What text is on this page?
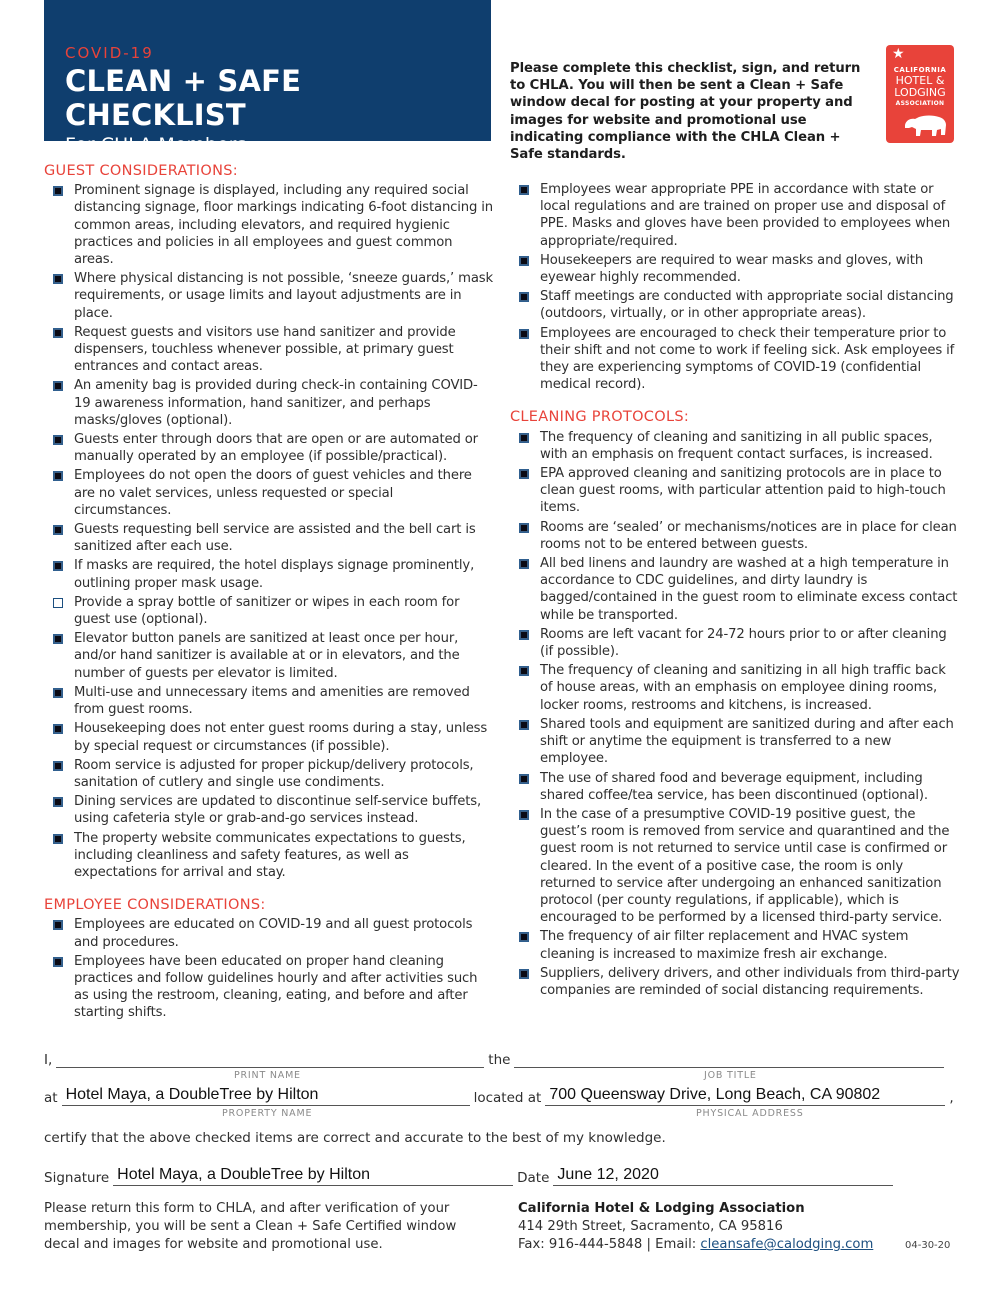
COVID-19
CLEAN + SAFE CHECKLIST
For CHLA Members
Please complete this checklist, sign, and return to CHLA. You will then be sent a Clean + Safe window decal for posting at your property and images for website and promotional use indicating compliance with the CHLA Clean + Safe standards.
★
CALIFORNIA
HOTEL &
LODGING
ASSOCIATION
GUEST CONSIDERATIONS:
Prominent signage is displayed, including any required social distancing signage, floor markings indicating 6-foot distancing in common areas, including elevators, and required hygienic practices and policies in all employees and guest common areas.
Where physical distancing is not possible, ‘sneeze guards,’ mask requirements, or usage limits and layout adjustments are in place.
Request guests and visitors use hand sanitizer and provide dispensers, touchless whenever possible, at primary guest entrances and contact areas.
An amenity bag is provided during check-in containing COVID-19 awareness information, hand sanitizer, and perhaps masks/gloves (optional).
Guests enter through doors that are open or are automated or manually operated by an employee (if possible/practical).
Employees do not open the doors of guest vehicles and there are no valet services, unless requested or special circumstances.
Guests requesting bell service are assisted and the bell cart is sanitized after each use.
If masks are required, the hotel displays signage prominently, outlining proper mask usage.
Provide a spray bottle of sanitizer or wipes in each room for guest use (optional).
Elevator button panels are sanitized at least once per hour, and/or hand sanitizer is available at or in elevators, and the number of guests per elevator is limited.
Multi-use and unnecessary items and amenities are removed from guest rooms.
Housekeeping does not enter guest rooms during a stay, unless by special request or circumstances (if possible).
Room service is adjusted for proper pickup/delivery protocols, sanitation of cutlery and single use condiments.
Dining services are updated to discontinue self-service buffets, using cafeteria style or grab-and-go services instead.
The property website communicates expectations to guests, including cleanliness and safety features, as well as expectations for arrival and stay.
EMPLOYEE CONSIDERATIONS:
Employees are educated on COVID-19 and all guest protocols and procedures.
Employees have been educated on proper hand cleaning practices and follow guidelines hourly and after activities such as using the restroom, cleaning, eating, and before and after starting shifts.
Employees wear appropriate PPE in accordance with state or local regulations and are trained on proper use and disposal of PPE. Masks and gloves have been provided to employees when appropriate/required.
Housekeepers are required to wear masks and gloves, with eyewear highly recommended.
Staff meetings are conducted with appropriate social distancing (outdoors, virtually, or in other appropriate areas).
Employees are encouraged to check their temperature prior to their shift and not come to work if feeling sick. Ask employees if they are experiencing symptoms of COVID-19 (confidential medical record).
CLEANING PROTOCOLS:
The frequency of cleaning and sanitizing in all public spaces, with an emphasis on frequent contact surfaces, is increased.
EPA approved cleaning and sanitizing protocols are in place to clean guest rooms, with particular attention paid to high-touch items.
Rooms are ‘sealed’ or mechanisms/notices are in place for clean rooms not to be entered between guests.
All bed linens and laundry are washed at a high temperature in accordance to CDC guidelines, and dirty laundry is bagged/contained in the guest room to eliminate excess contact while be transported.
Rooms are left vacant for 24-72 hours prior to or after cleaning (if possible).
The frequency of cleaning and sanitizing in all high traffic back of house areas, with an emphasis on employee dining rooms, locker rooms, restrooms and kitchens, is increased.
Shared tools and equipment are sanitized during and after each shift or anytime the equipment is transferred to a new employee.
The use of shared food and beverage equipment, including shared coffee/tea service, has been discontinued (optional).
In the case of a presumptive COVID-19 positive guest, the guest’s room is removed from service and quarantined and the guest room is not returned to service until case is confirmed or cleared. In the event of a positive case, the room is only returned to service after undergoing an enhanced sanitization protocol (per county regulations, if applicable), which is encouraged to be performed by a licensed third-party service.
The frequency of air filter replacement and HVAC system cleaning is increased to maximize fresh air exchange.
Suppliers, delivery drivers, and other individuals from third-party companies are reminded of social distancing requirements.
I,	the
PRINT NAME	JOB TITLE
at Hotel Maya, a DoubleTree by Hilton	located at 700 Queensway Drive, Long Beach, CA 90802	,
PROPERTY NAME	PHYSICAL ADDRESS
certify that the above checked items are correct and accurate to the best of my knowledge.
Signature Hotel Maya, a DoubleTree by Hilton	Date June 12, 2020
Please return this form to CHLA, and after verification of your membership, you will be sent a Clean + Safe Certified window decal and images for website and promotional use.
California Hotel & Lodging Association
414 29th Street, Sacramento, CA 95816
Fax: 916-444-5848 | Email: cleansafe@calodging.com	04-30-20
